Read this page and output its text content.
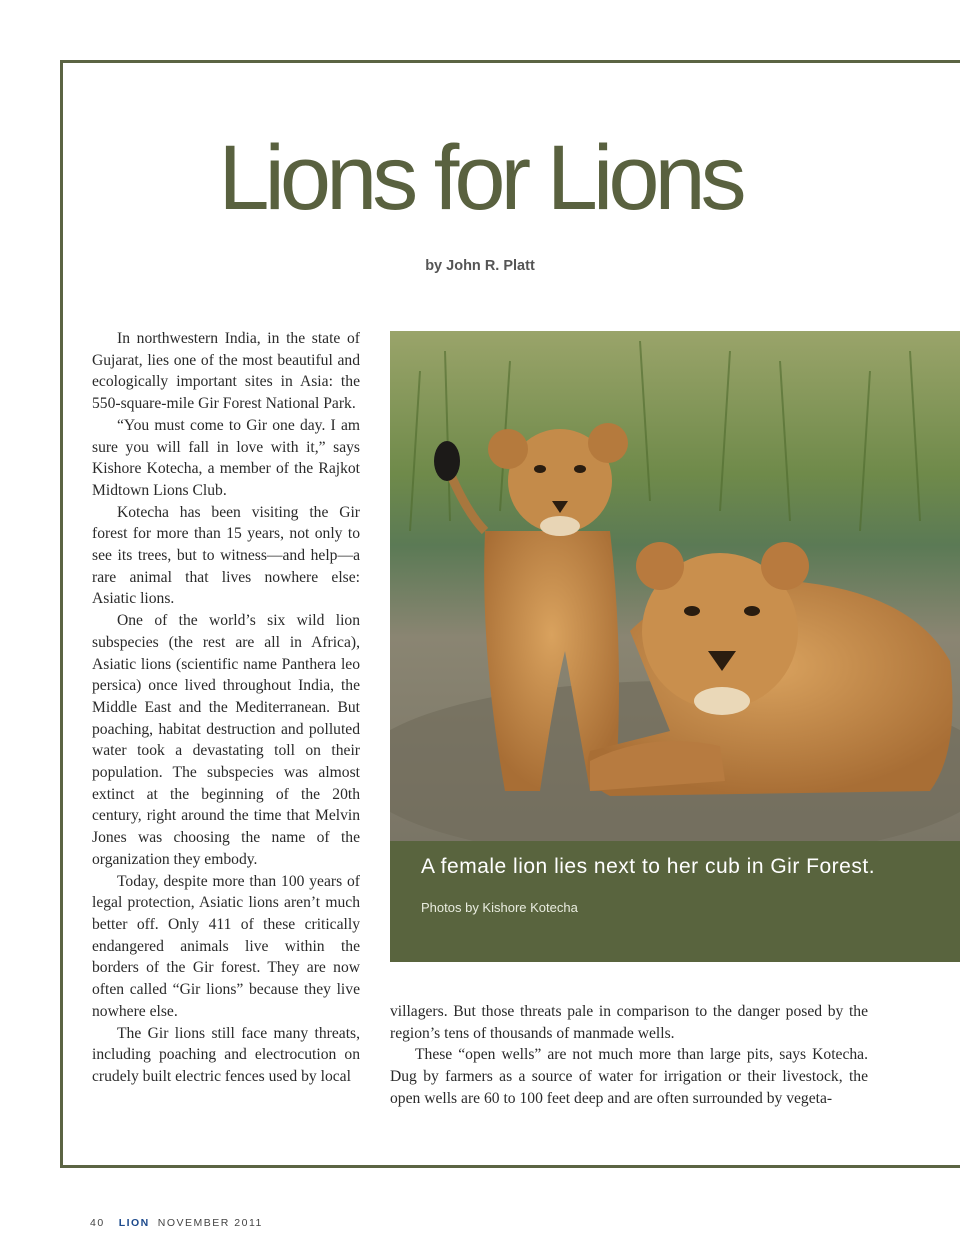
Lions for Lions
by John R. Platt

In northwestern India, in the state of Gujarat, lies one of the most beautiful and ecologically important sites in Asia: the 550-square-mile Gir Forest National Park.

“You must come to Gir one day. I am sure you will fall in love with it,” says Kishore Kotecha, a member of the Rajkot Midtown Lions Club.

Kotecha has been visiting the Gir forest for more than 15 years, not only to see its trees, but to witness—and help—a rare animal that lives nowhere else: Asiatic lions.

One of the world’s six wild lion subspecies (the rest are all in Africa), Asiatic lions (scientific name Panthera leo persica) once lived throughout India, the Middle East and the Mediterranean. But poaching, habitat destruction and polluted water took a devastating toll on their population. The subspecies was almost extinct at the beginning of the 20th century, right around the time that Melvin Jones was choosing the name of the organization they embody.

Today, despite more than 100 years of legal protection, Asiatic lions aren’t much better off. Only 411 of these critically endangered animals live within the borders of the Gir forest. They are now often called “Gir lions” because they live nowhere else.

The Gir lions still face many threats, including poaching and electrocution on crudely built electric fences used by local

A female lion lies next to her cub in Gir Forest.
Photos by Kishore Kotecha

villagers. But those threats pale in comparison to the danger posed by the region’s tens of thousands of manmade wells.

These “open wells” are not much more than large pits, says Kotecha. Dug by farmers as a source of water for irrigation or their livestock, the open wells are 60 to 100 feet deep and are often surrounded by vegeta-

40 LION NOVEMBER 2011
